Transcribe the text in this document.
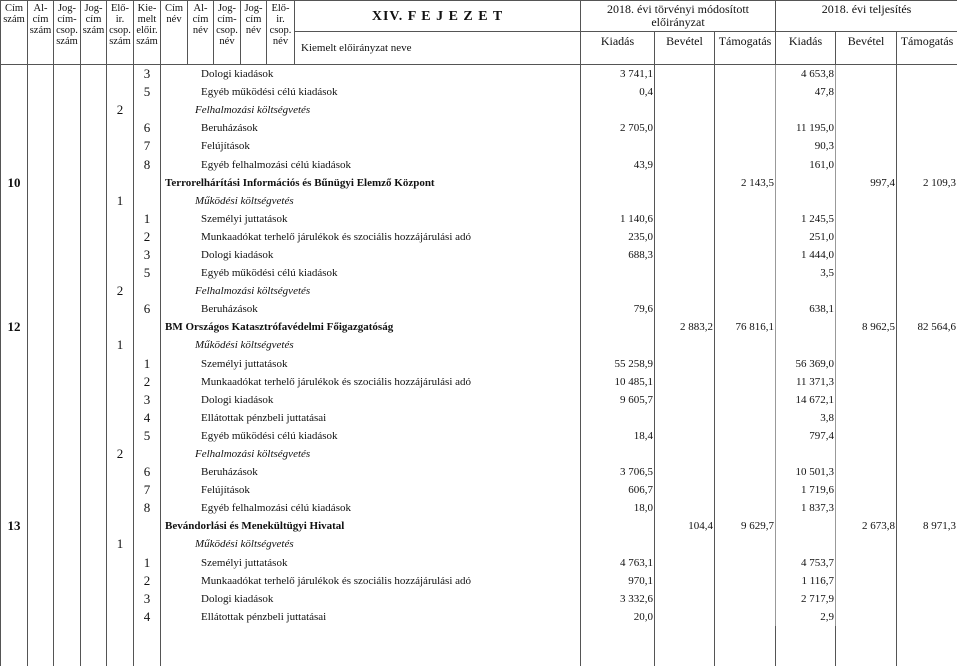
Cím szám	Al- cím szám	Jog- cím- csop. szám	Jog- cím szám	Elő- ir. csop. szám	Kie- melt előir. szám	Cím név	Al- cím név	Jog- cím- csop. név	Jog- cím név	Elő- ir. csop. név	XIV. F E J E Z E T	2018. évi törvényi módosított előirányzat			2018. évi teljesítés		
											Kiemelt előirányzat neve	Kiadás	Bevétel	Támogatás	Kiadás	Bevétel	Támogatás
					3	Dologi kiadások						3 741,1			4 653,8		
					5	Egyéb működési célú kiadások						0,4			47,8		
				2		Felhalmozási költségvetés											
					6	Beruházások						2 705,0			11 195,0		
					7	Felújítások									90,3		
					8	Egyéb felhalmozási célú kiadások						43,9			161,0		
10						Terrorelhárítási Információs és Bűnügyi Elemző Központ								2 143,5		997,4	2 109,3
				1		Működési költségvetés											
					1	Személyi juttatások						1 140,6			1 245,5		
					2	Munkaadókat terhelő járulékok és szociális hozzájárulási adó						235,0			251,0		
					3	Dologi kiadások						688,3			1 444,0		
					5	Egyéb működési célú kiadások									3,5		
				2		Felhalmozási költségvetés											
					6	Beruházások						79,6			638,1		
12						BM Országos Katasztrófavédelmi Főigazgatóság							2 883,2	76 816,1		8 962,5	82 564,6
				1		Működési költségvetés											
					1	Személyi juttatások						55 258,9			56 369,0		
					2	Munkaadókat terhelő járulékok és szociális hozzájárulási adó						10 485,1			11 371,3		
					3	Dologi kiadások						9 605,7			14 672,1		
					4	Ellátottak pénzbeli juttatásai									3,8		
					5	Egyéb működési célú kiadások						18,4			797,4		
				2		Felhalmozási költségvetés											
					6	Beruházások						3 706,5			10 501,3		
					7	Felújítások						606,7			1 719,6		
					8	Egyéb felhalmozási célú kiadások						18,0			1 837,3		
13						Bevándorlási és Menekültügyi Hivatal							104,4	9 629,7		2 673,8	8 971,3
				1		Működési költségvetés											
					1	Személyi juttatások						4 763,1			4 753,7		
					2	Munkaadókat terhelő járulékok és szociális hozzájárulási adó						970,1			1 116,7		
					3	Dologi kiadások						3 332,6			2 717,9		
					4	Ellátottak pénzbeli juttatásai						20,0			2,9		
